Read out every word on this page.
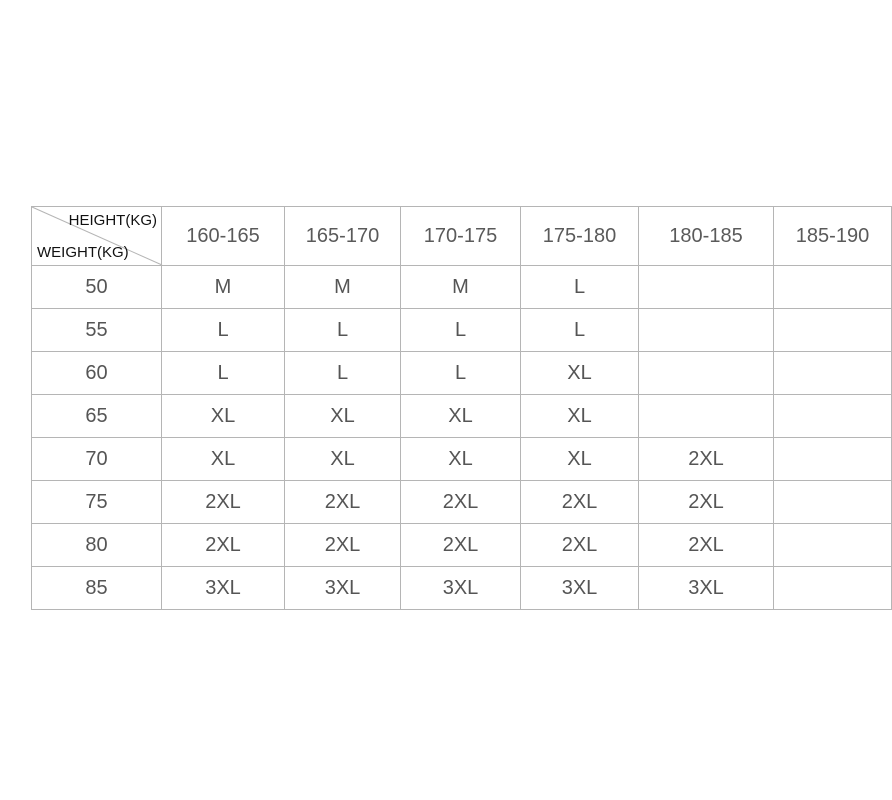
HEIGHT(KG)
WEIGHT(KG)	160-165	165-170	170-175	175-180	180-185	185-190
50	M	M	M	L		
55	L	L	L	L		
60	L	L	L	XL		
65	XL	XL	XL	XL		
70	XL	XL	XL	XL	2XL	
75	2XL	2XL	2XL	2XL	2XL	
80	2XL	2XL	2XL	2XL	2XL	
85	3XL	3XL	3XL	3XL	3XL	
